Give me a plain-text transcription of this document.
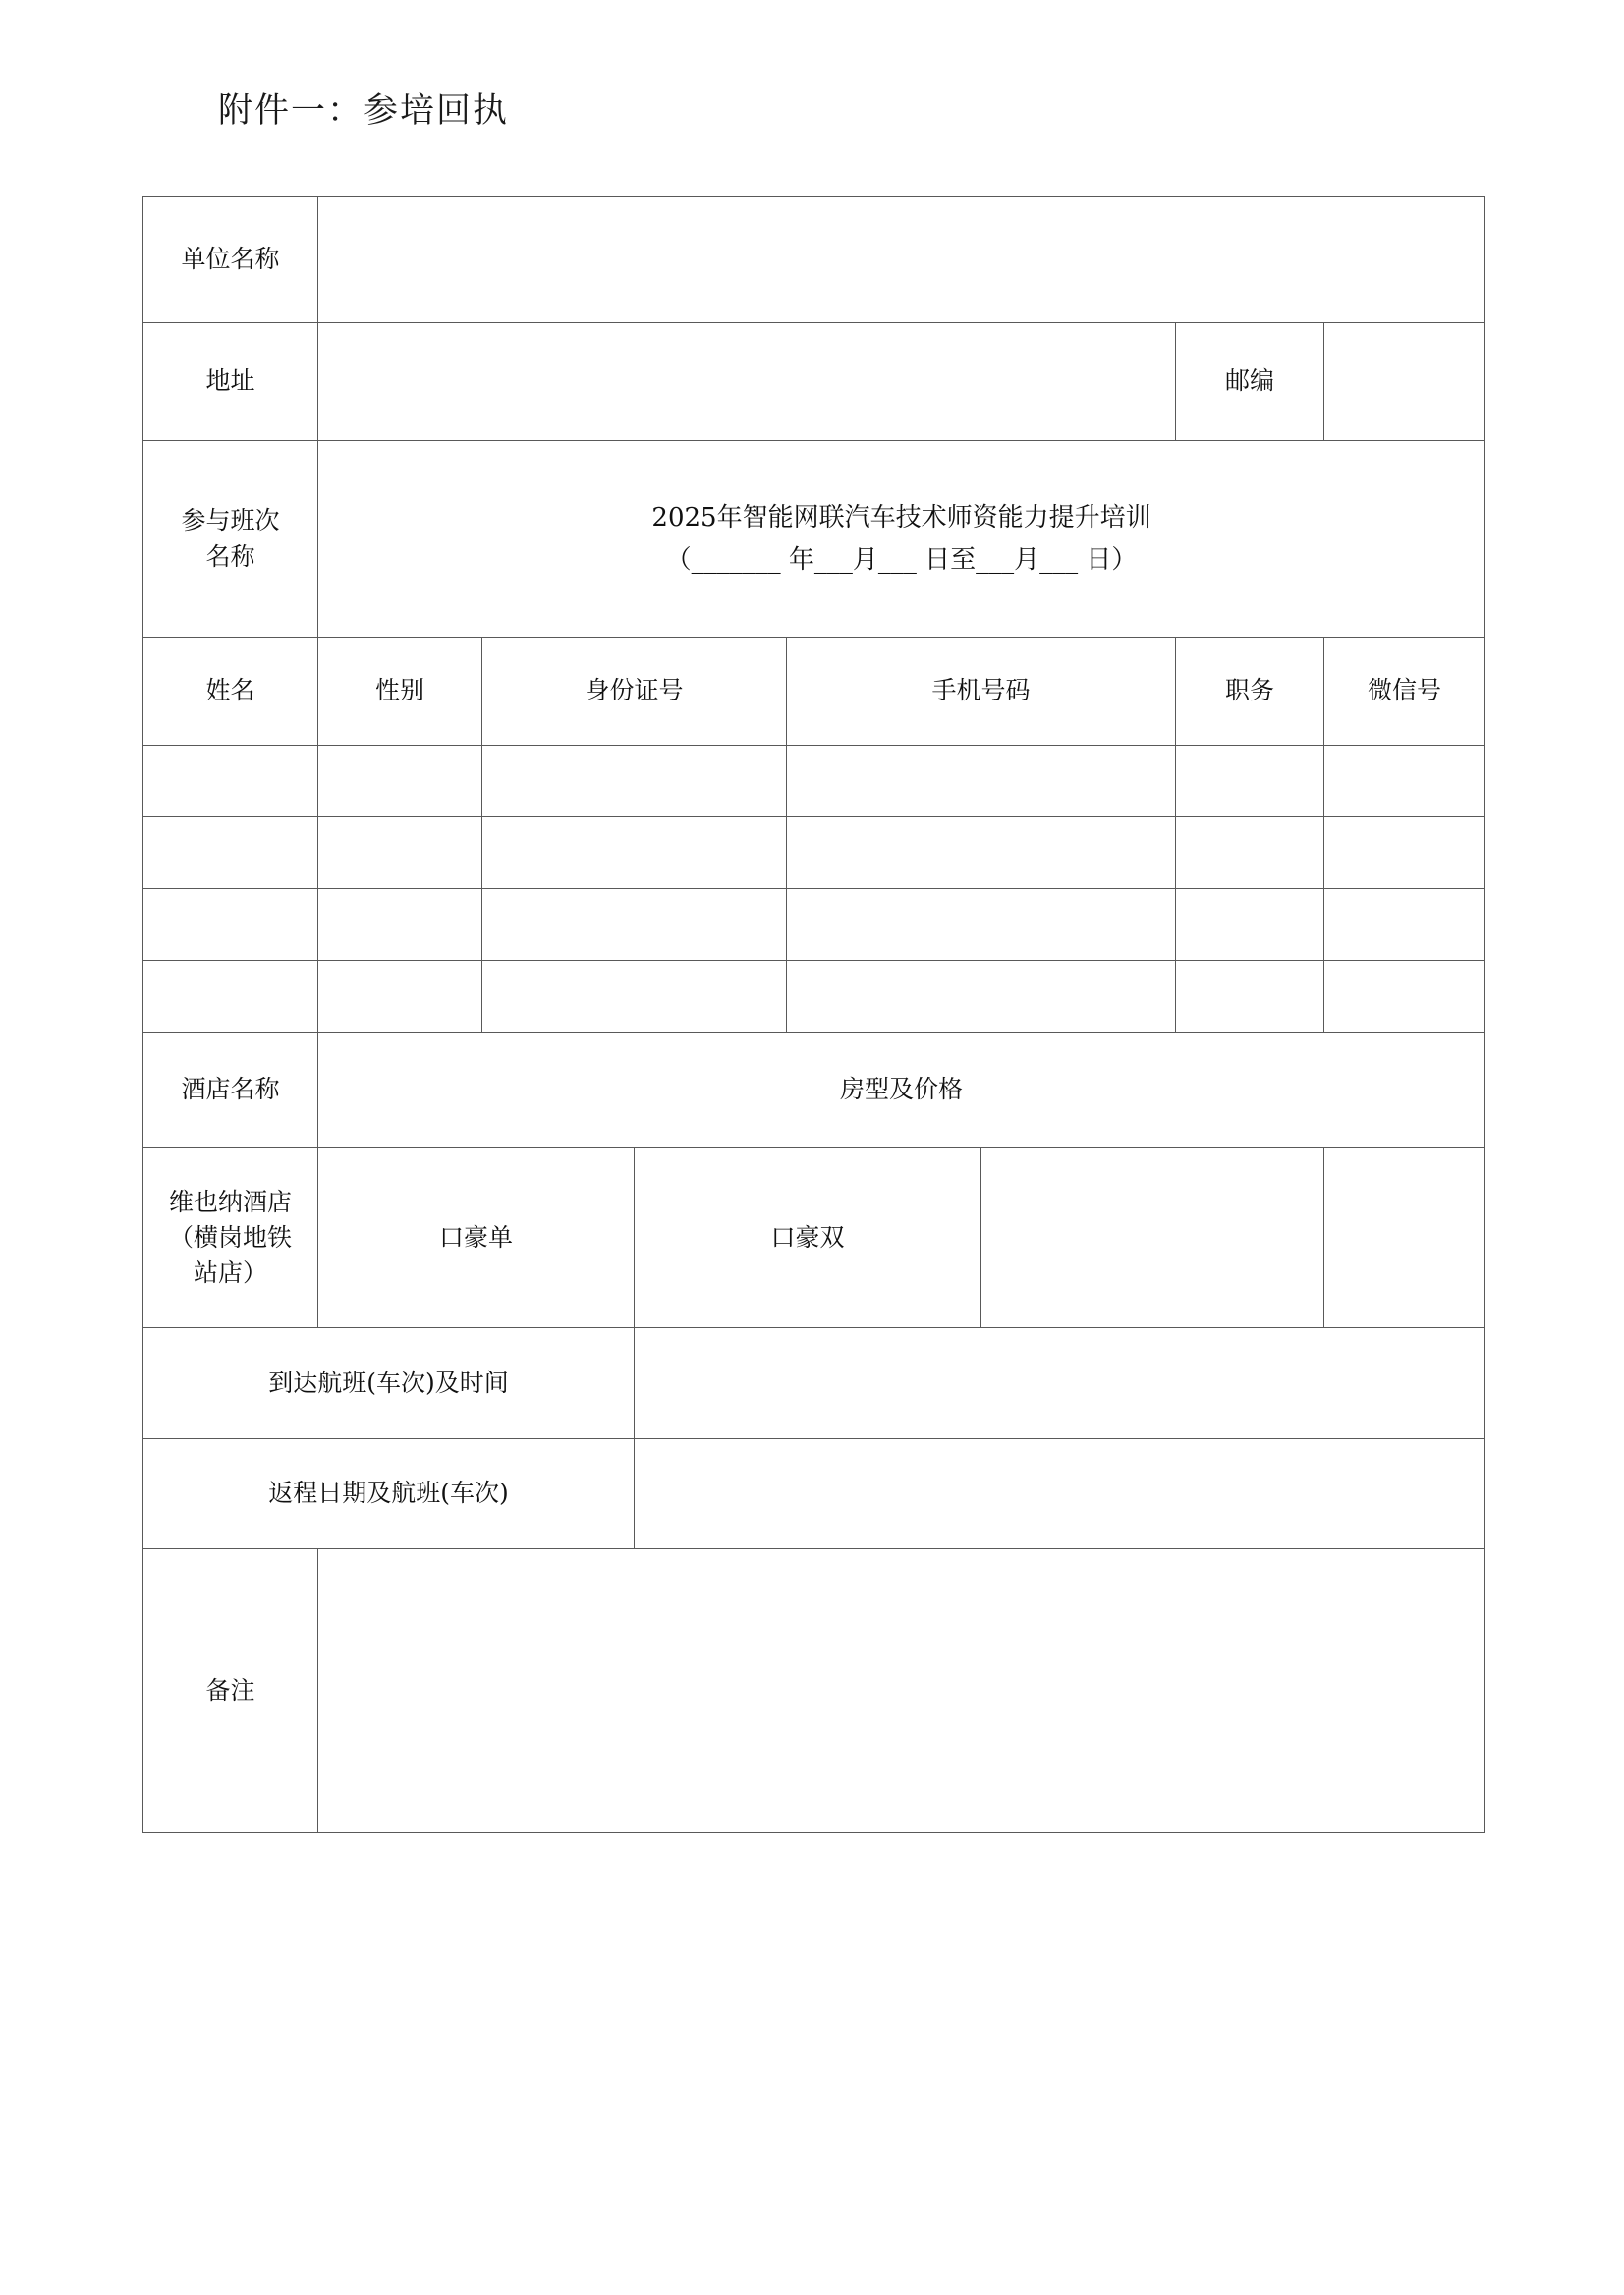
附件一：参培回执
单位名称							
地址						邮编	

参与班次
名称

2025年智能网联汽车技术师资能力提升培训
（_______ 年___月___ 日至___月___ 日）

姓名	性别	身份证号		手机号码		职务	微信号

酒店名称	房型及价格						

维也纳酒店
（横岗地铁
站店）	口豪单		口豪双				
到达航班(车次)及时间							
返程日期及航班(车次)							
备注							
